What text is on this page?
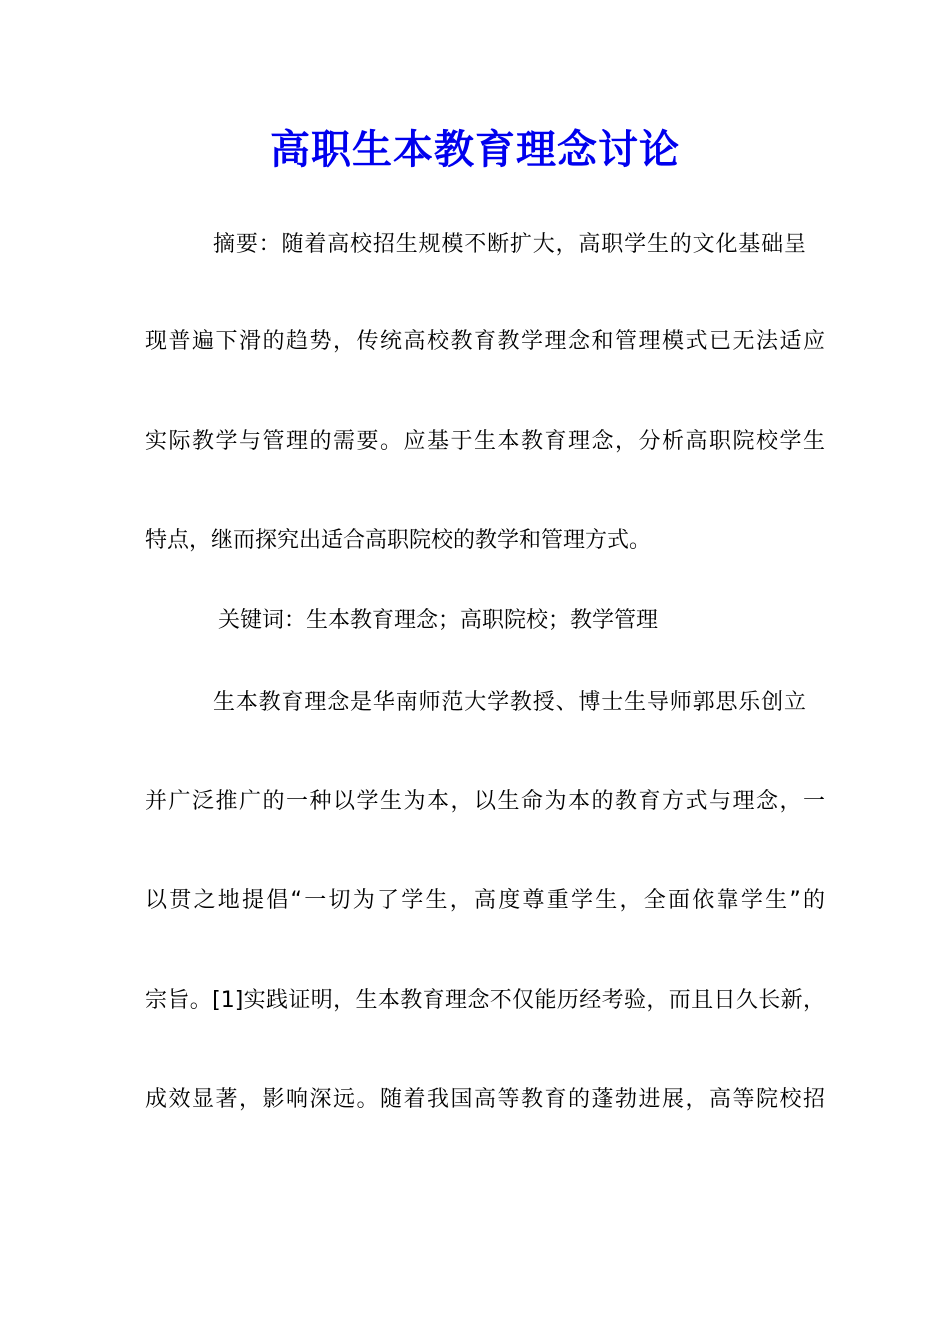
高职生本教育理念讨论
摘要：随着高校招生规模不断扩大，高职学生的文化基础呈
现普遍下滑的趋势，传统高校教育教学理念和管理模式已无法适应
实际教学与管理的需要。应基于生本教育理念，分析高职院校学生
特点，继而探究出适合高职院校的教学和管理方式。
关键词：生本教育理念；高职院校；教学管理
生本教育理念是华南师范大学教授、博士生导师郭思乐创立
并广泛推广的一种以学生为本，以生命为本的教育方式与理念，一
以贯之地提倡“一切为了学生，高度尊重学生，全面依靠学生”的
宗旨。[1]实践证明，生本教育理念不仅能历经考验，而且日久长新，
成效显著，影响深远。随着我国高等教育的蓬勃进展，高等院校招
